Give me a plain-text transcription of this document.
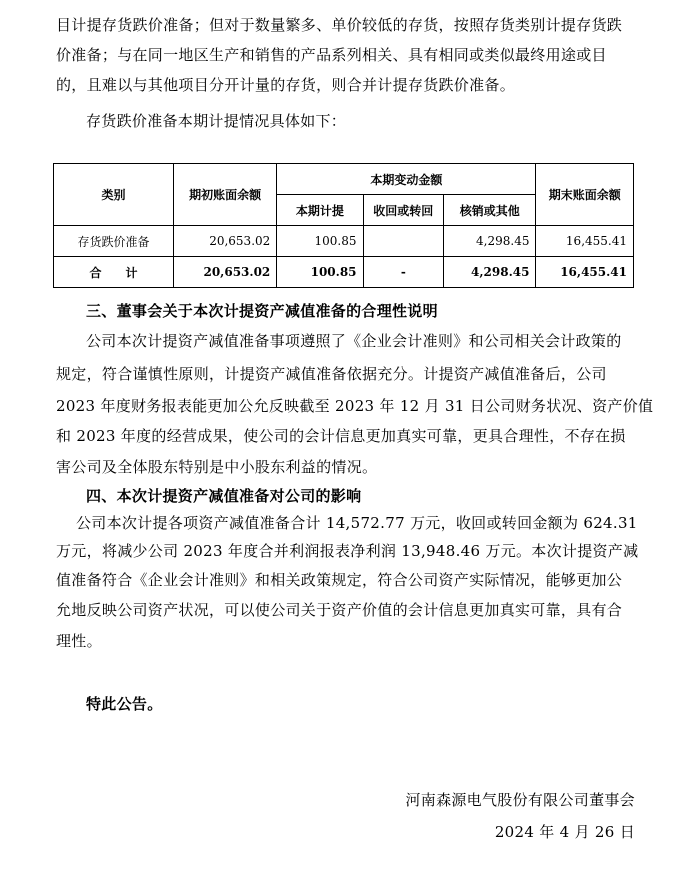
目计提存货跌价准备；但对于数量繁多、单价较低的存货，按照存货类别计提存货跌
价准备；与在同一地区生产和销售的产品系列相关、具有相同或类似最终用途或目
的，且难以与其他项目分开计量的存货，则合并计提存货跌价准备。
存货跌价准备本期计提情况具体如下：
类别	期初账面余额	本期变动金额			期末账面余额
		本期计提	收回或转回	核销或其他	
存货跌价准备	20,653.02	100.85		4,298.45	16,455.41
合　　计	20,653.02	100.85	-	4,298.45	16,455.41
三、董事会关于本次计提资产减值准备的合理性说明
公司本次计提资产减值准备事项遵照了《企业会计准则》和公司相关会计政策的
规定，符合谨慎性原则，计提资产减值准备依据充分。计提资产减值准备后，公司
2023 年度财务报表能更加公允反映截至 2023 年 12 月 31 日公司财务状况、资产价值
和 2023 年度的经营成果，使公司的会计信息更加真实可靠，更具合理性，不存在损
害公司及全体股东特别是中小股东利益的情况。
四、本次计提资产减值准备对公司的影响
公司本次计提各项资产减值准备合计 14,572.77 万元，收回或转回金额为 624.31
万元，将减少公司 2023 年度合并利润报表净利润 13,948.46 万元。本次计提资产减
值准备符合《企业会计准则》和相关政策规定，符合公司资产实际情况，能够更加公
允地反映公司资产状况，可以使公司关于资产价值的会计信息更加真实可靠，具有合
理性。
特此公告。
河南森源电气股份有限公司董事会
2024 年 4 月 26 日
